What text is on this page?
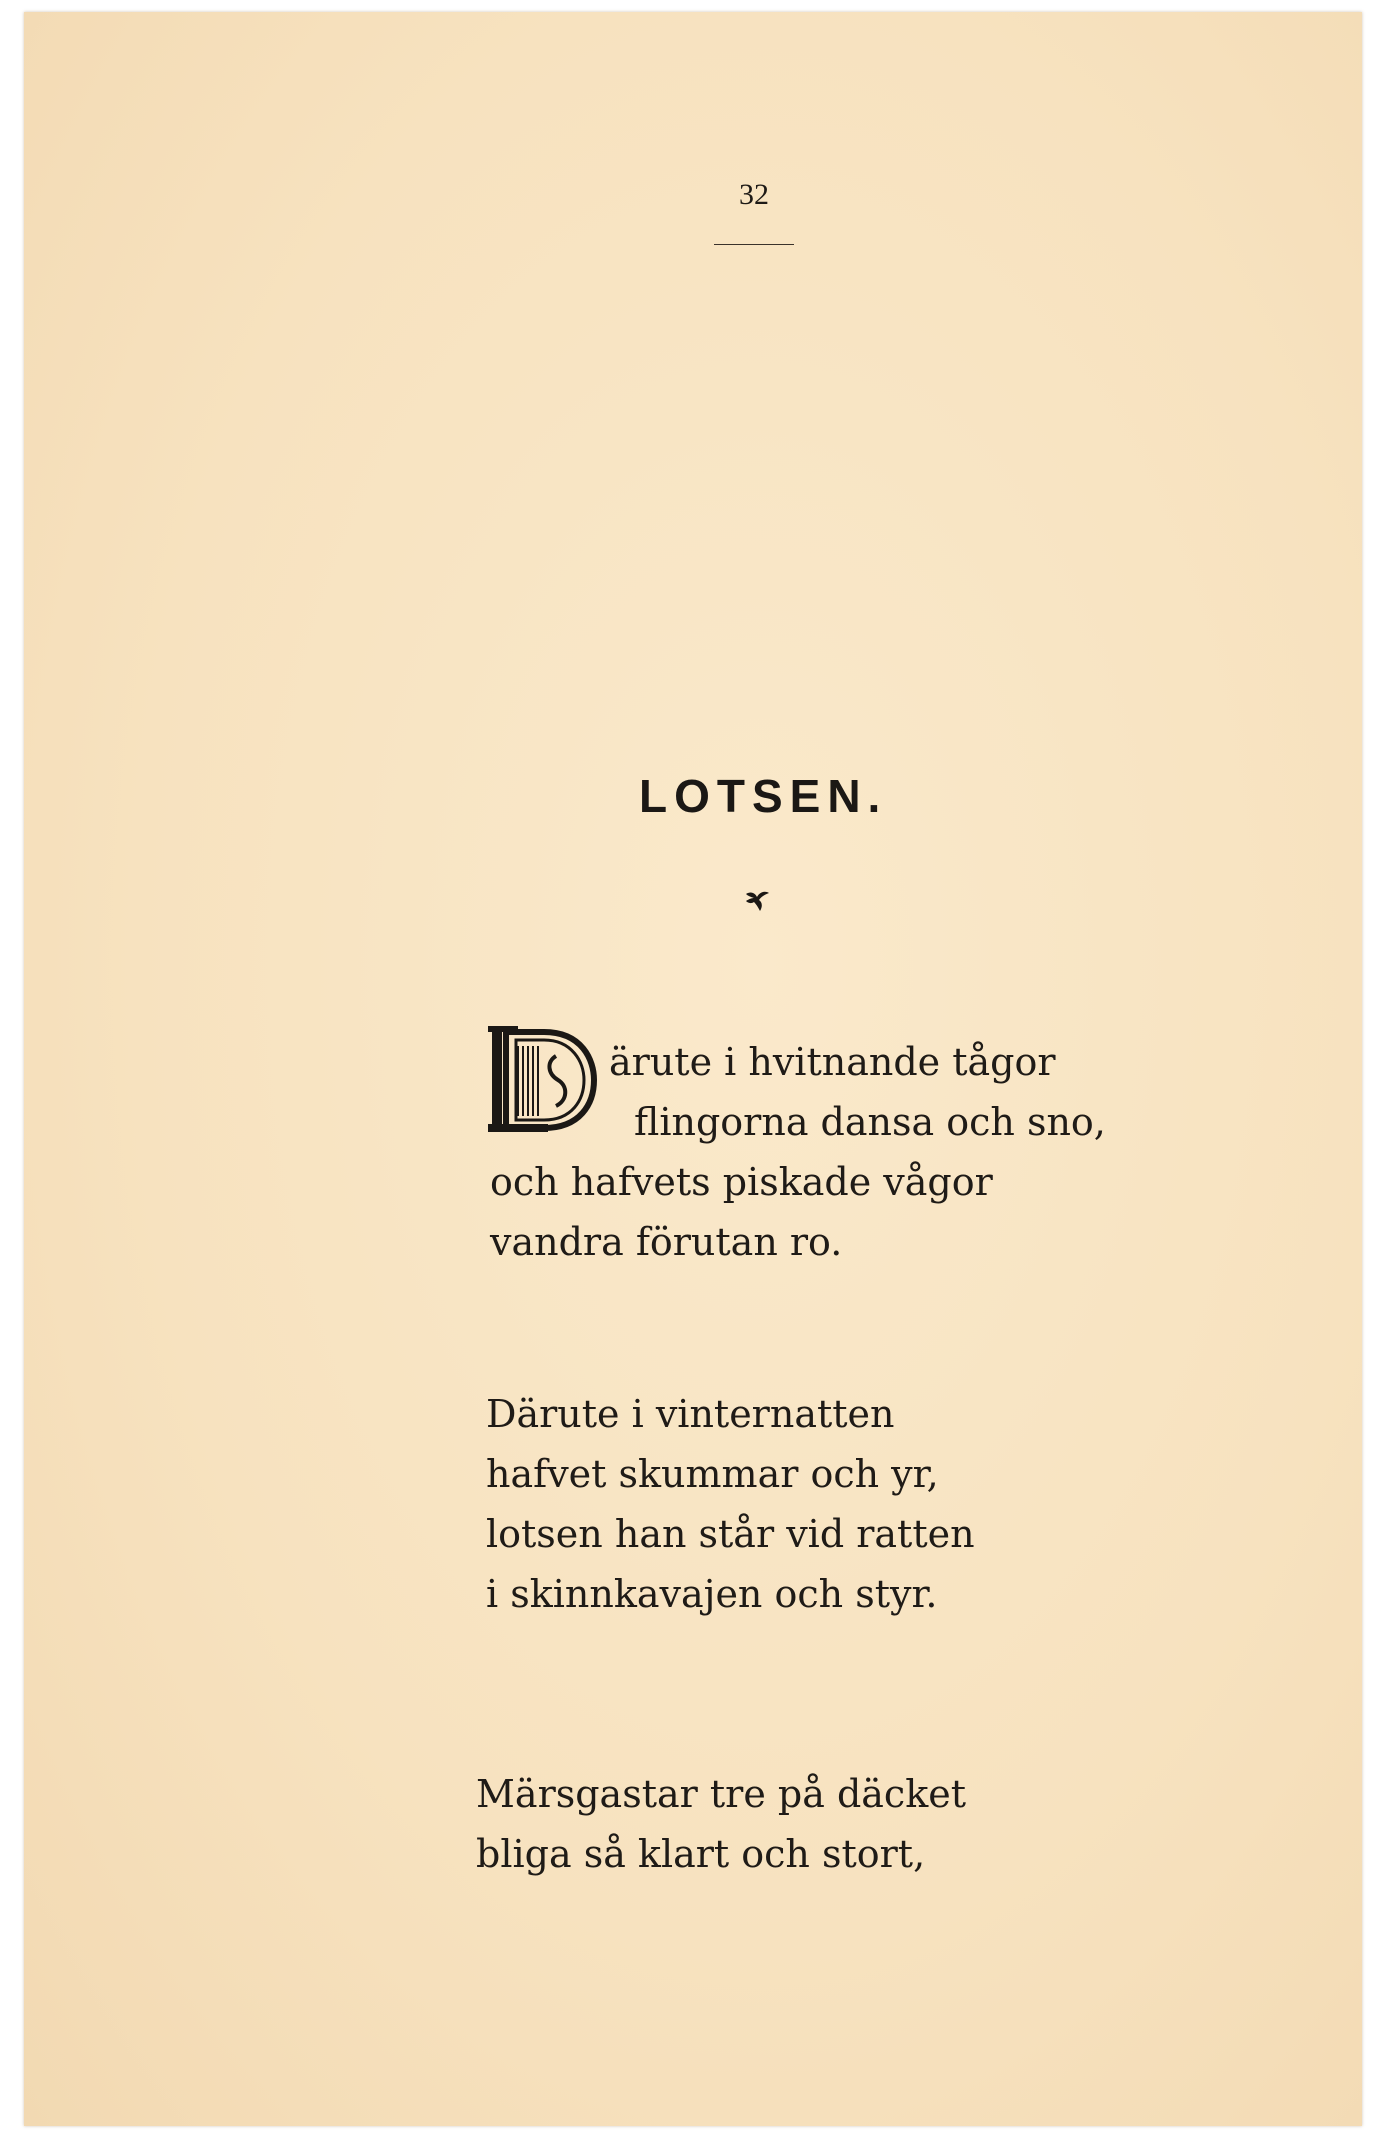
32
LOTSEN.
ärute i hvitnande tågor
flingorna dansa och sno,
och hafvets piskade vågor
vandra förutan ro.
Därute i vinternatten
hafvet skummar och yr,
lotsen han står vid ratten
i skinnkavajen och styr.
Märsgastar tre på däcket
bliga så klart och stort,
